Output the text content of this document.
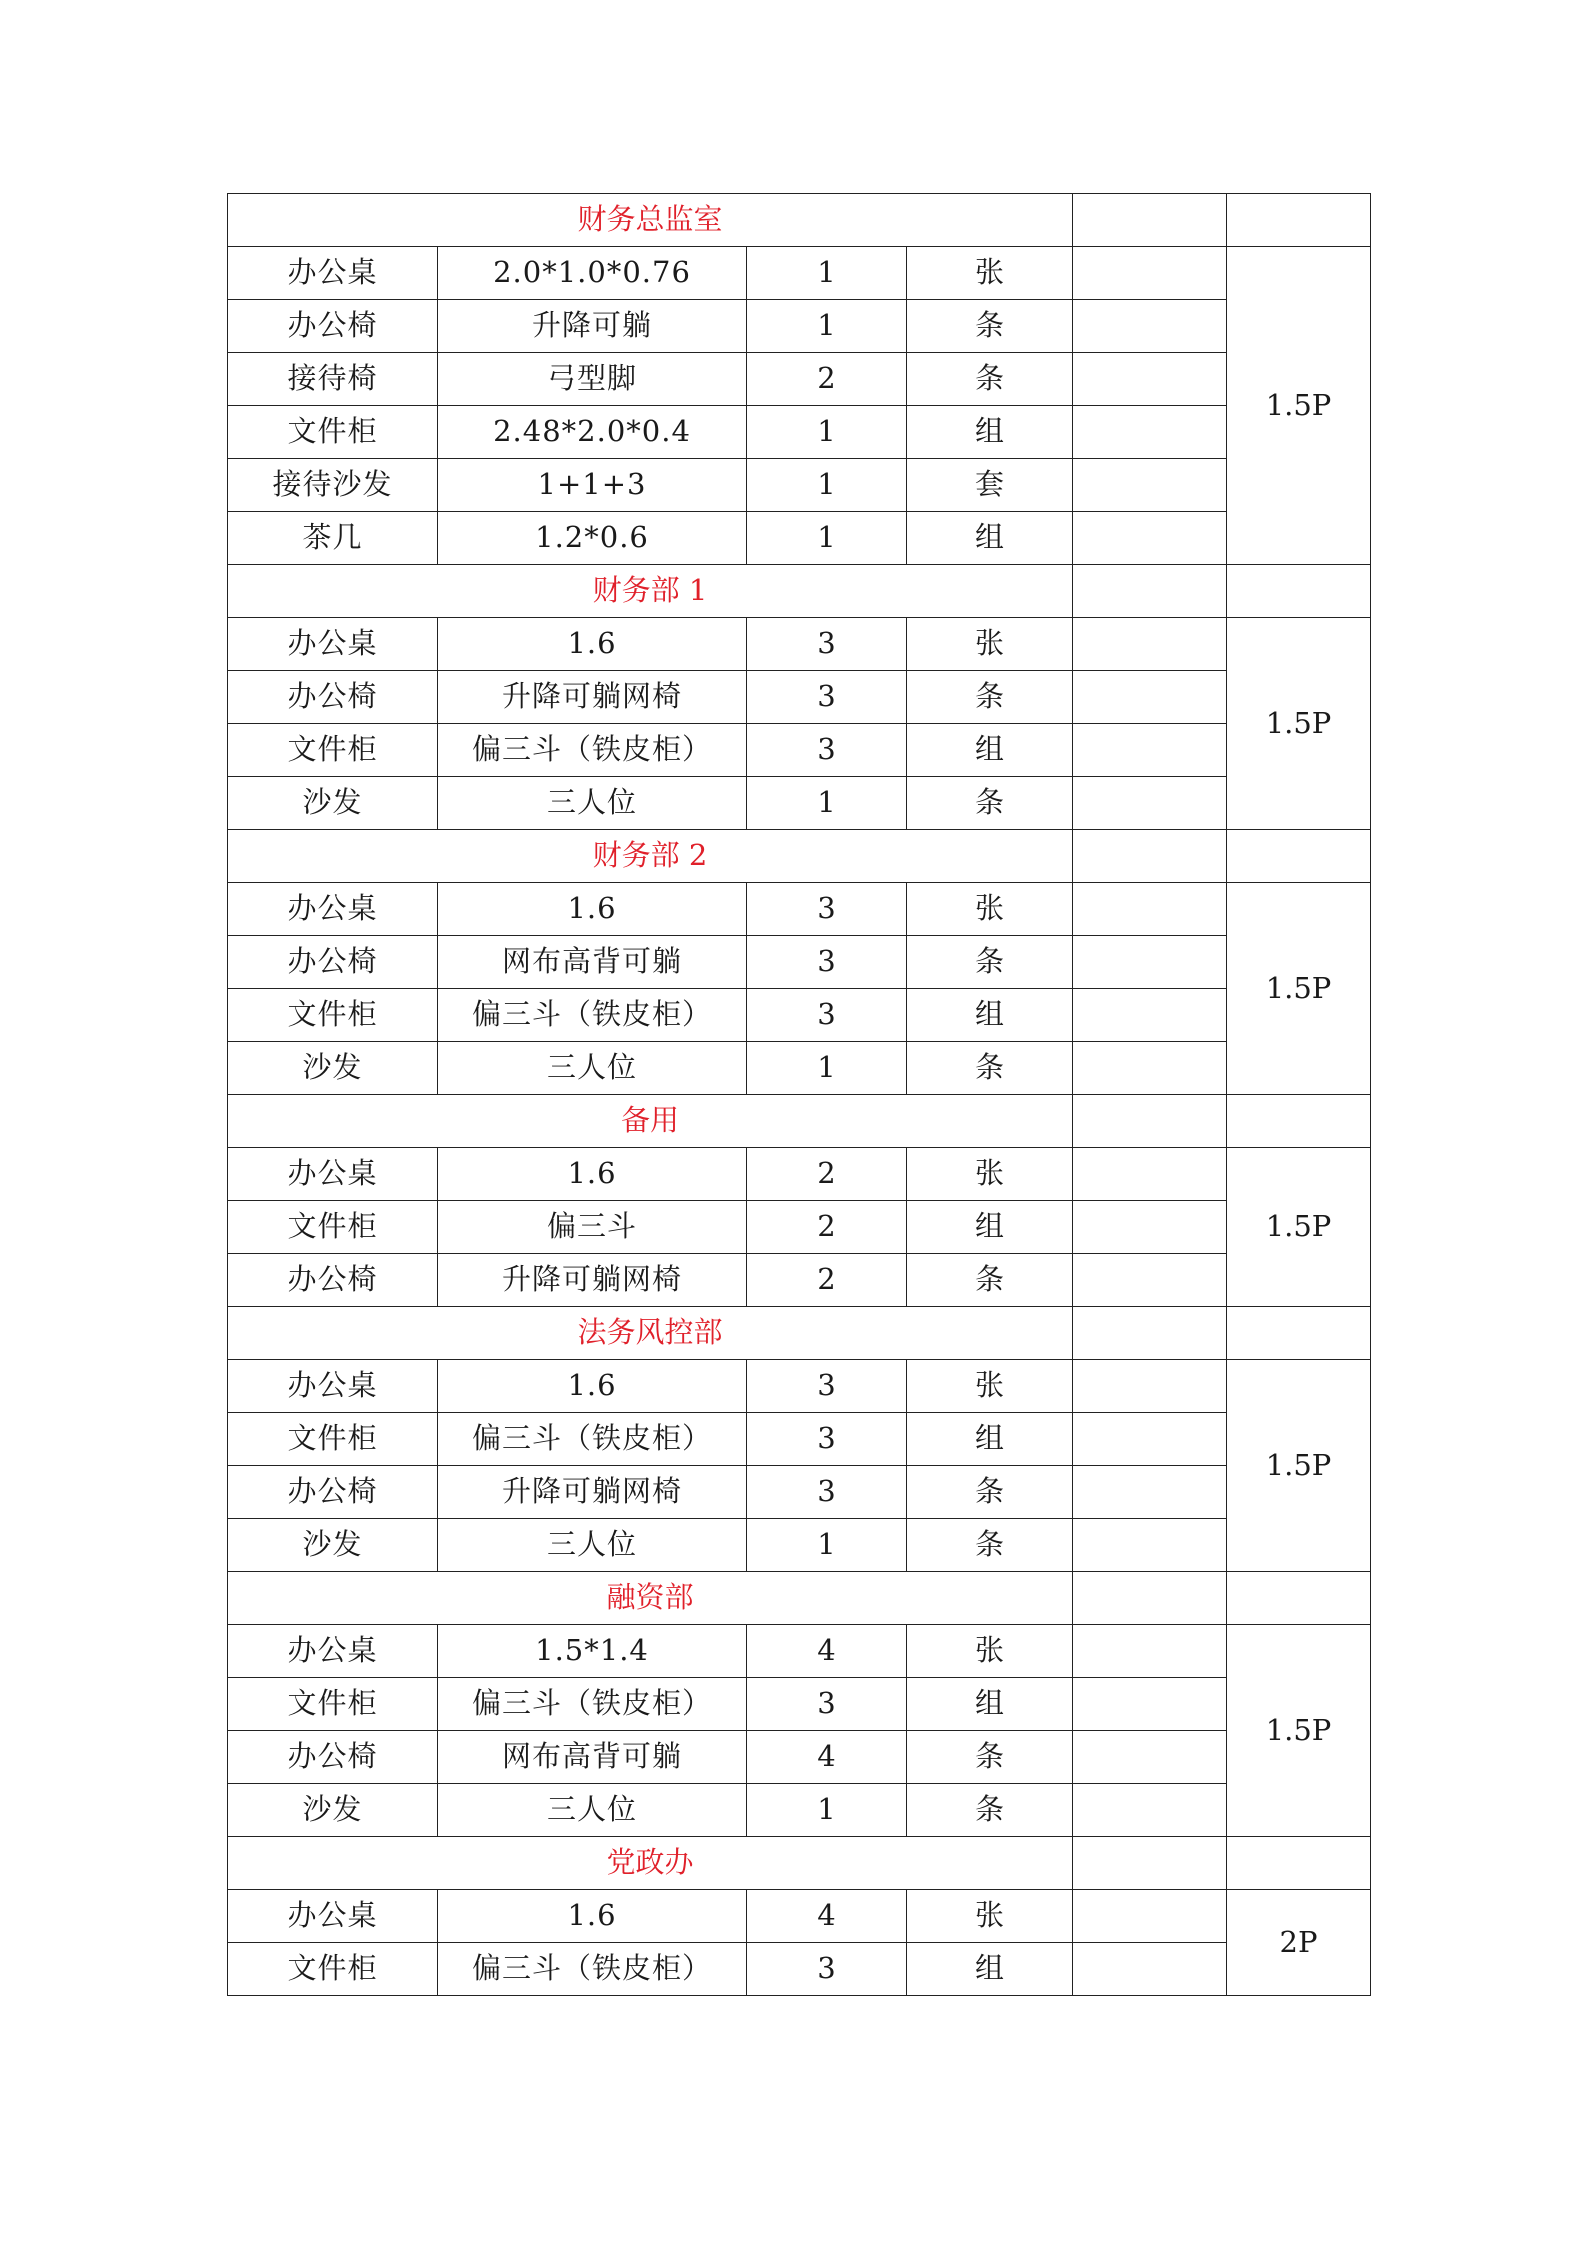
财务总监室					
办公桌	2.0*1.0*0.76	1	张		1.5P
办公椅	升降可躺	1	条		
接待椅	弓型脚	2	条		
文件柜	2.48*2.0*0.4	1	组		
接待沙发	1+1+3	1	套		
茶几	1.2*0.6	1	组		
财务部 1					
办公桌	1.6	3	张		1.5P
办公椅	升降可躺网椅	3	条		
文件柜	偏三斗（铁皮柜）	3	组		
沙发	三人位	1	条		
财务部 2					
办公桌	1.6	3	张		1.5P
办公椅	网布高背可躺	3	条		
文件柜	偏三斗（铁皮柜）	3	组		
沙发	三人位	1	条		
备用					
办公桌	1.6	2	张		1.5P
文件柜	偏三斗	2	组		
办公椅	升降可躺网椅	2	条		
法务风控部					
办公桌	1.6	3	张		1.5P
文件柜	偏三斗（铁皮柜）	3	组		
办公椅	升降可躺网椅	3	条		
沙发	三人位	1	条		
融资部					
办公桌	1.5*1.4	4	张		1.5P
文件柜	偏三斗（铁皮柜）	3	组		
办公椅	网布高背可躺	4	条		
沙发	三人位	1	条		
党政办					
办公桌	1.6	4	张		2P
文件柜	偏三斗（铁皮柜）	3	组		
